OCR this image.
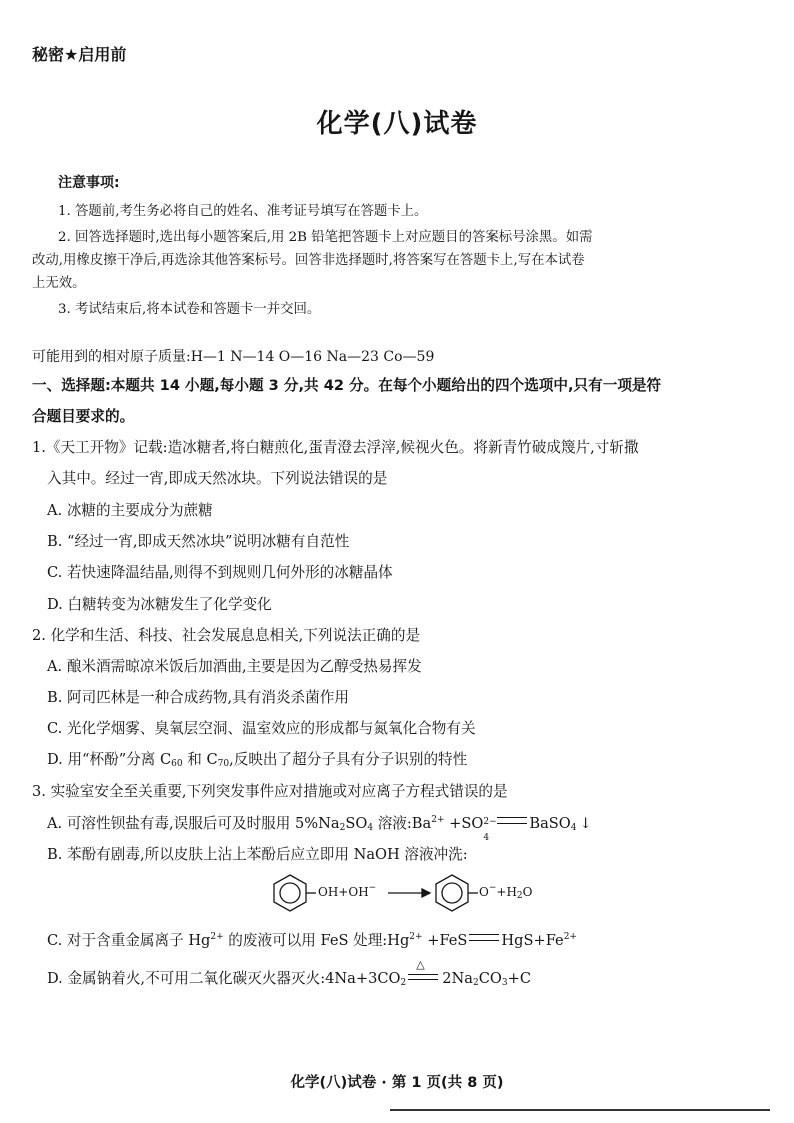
秘密★启用前
化学(八)试卷
注意事项:
1. 答题前,考生务必将自己的姓名、准考证号填写在答题卡上。
2. 回答选择题时,选出每小题答案后,用 2B 铅笔把答题卡上对应题目的答案标号涂黑。如需
改动,用橡皮擦干净后,再选涂其他答案标号。回答非选择题时,将答案写在答题卡上,写在本试卷
上无效。
3. 考试结束后,将本试卷和答题卡一并交回。
可能用到的相对原子质量:H—1 N—14 O—16 Na—23 Co—59
一、选择题:本题共 14 小题,每小题 3 分,共 42 分。在每个小题给出的四个选项中,只有一项是符
合题目要求的。
1.《天工开物》记载:造冰糖者,将白糖煎化,蛋青澄去浮滓,候视火色。将新青竹破成篾片,寸斩撒
入其中。经过一宵,即成天然冰块。下列说法错误的是
A. 冰糖的主要成分为蔗糖
B. “经过一宵,即成天然冰块”说明冰糖有自范性
C. 若快速降温结晶,则得不到规则几何外形的冰糖晶体
D. 白糖转变为冰糖发生了化学变化
2. 化学和生活、科技、社会发展息息相关,下列说法正确的是
A. 酿米酒需晾凉米饭后加酒曲,主要是因为乙醇受热易挥发
B. 阿司匹林是一种合成药物,具有消炎杀菌作用
C. 光化学烟雾、臭氧层空洞、温室效应的形成都与氮氧化合物有关
D. 用“杯酚”分离 $C_{60}$ 和 $C_{70}$,反映出了超分子具有分子识别的特性
3. 实验室安全至关重要,下列突发事件应对措施或对应离子方程式错误的是
A. 可溶性钡盐有毒,误服后可及时服用 $5\%Na_2SO_4$ 溶液$:Ba^{2+} +SO$ 2−
4
BaSO$_4$ ↓
B. 苯酚有剧毒,所以皮肤上沾上苯酚后应立即用 NaOH 溶液冲洗:
OH+OH−	$O^-+H_2O$
C. 对于含重金属离子 $Hg^{2+}$ 的废液可以用 FeS 处理$:Hg^{2+} +FeS$ $HgS+Fe^{2+}$
D. 金属钠着火,不可用二氧化碳灭火器灭火$:4Na+3CO_2$
△
$2Na_2CO_3+C$
化学(八)试卷 · 第 1 页(共 8 页)
